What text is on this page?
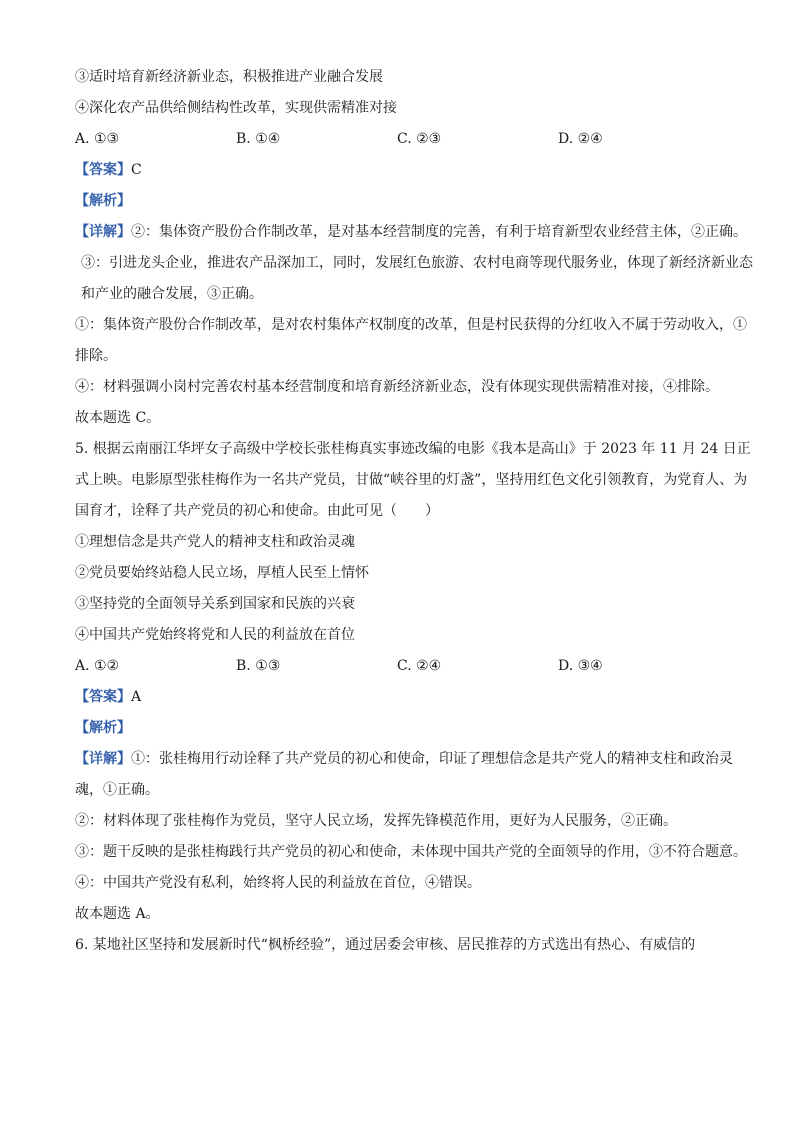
③适时培育新经济新业态，积极推进产业融合发展
④深化农产品供给侧结构性改革，实现供需精准对接
A. ①③	B. ①④	C. ②③	D. ②④
【答案】C
【解析】
【详解】②：集体资产股份合作制改革，是对基本经营制度的完善，有利于培育新型农业经营主体，②正确。
③：引进龙头企业，推进农产品深加工，同时，发展红色旅游、农村电商等现代服务业，体现了新经济新业态和产业的融合发展，③正确。
①：集体资产股份合作制改革，是对农村集体产权制度的改革，但是村民获得的分红收入不属于劳动收入，①排除。
④：材料强调小岗村完善农村基本经营制度和培育新经济新业态，没有体现实现供需精准对接，④排除。
故本题选 C。
5. 根据云南丽江华坪女子高级中学校长张桂梅真实事迹改编的电影《我本是高山》于 2023 年 11 月 24 日正式上映。电影原型张桂梅作为一名共产党员，甘做“峡谷里的灯盏”，坚持用红色文化引领教育，为党育人、为国育才，诠释了共产党员的初心和使命。由此可见（　　）
①理想信念是共产党人的精神支柱和政治灵魂
②党员要始终站稳人民立场，厚植人民至上情怀
③坚持党的全面领导关系到国家和民族的兴衰
④中国共产党始终将党和人民的利益放在首位
A. ①②	B. ①③	C. ②④	D. ③④
【答案】A
【解析】
【详解】①：张桂梅用行动诠释了共产党员的初心和使命，印证了理想信念是共产党人的精神支柱和政治灵魂，①正确。
②：材料体现了张桂梅作为党员，坚守人民立场，发挥先锋模范作用，更好为人民服务，②正确。
③：题干反映的是张桂梅践行共产党员的初心和使命，未体现中国共产党的全面领导的作用，③不符合题意。
④：中国共产党没有私利，始终将人民的利益放在首位，④错误。
故本题选 A。
6. 某地社区坚持和发展新时代“枫桥经验”，通过居委会审核、居民推荐的方式选出有热心、有威信的
